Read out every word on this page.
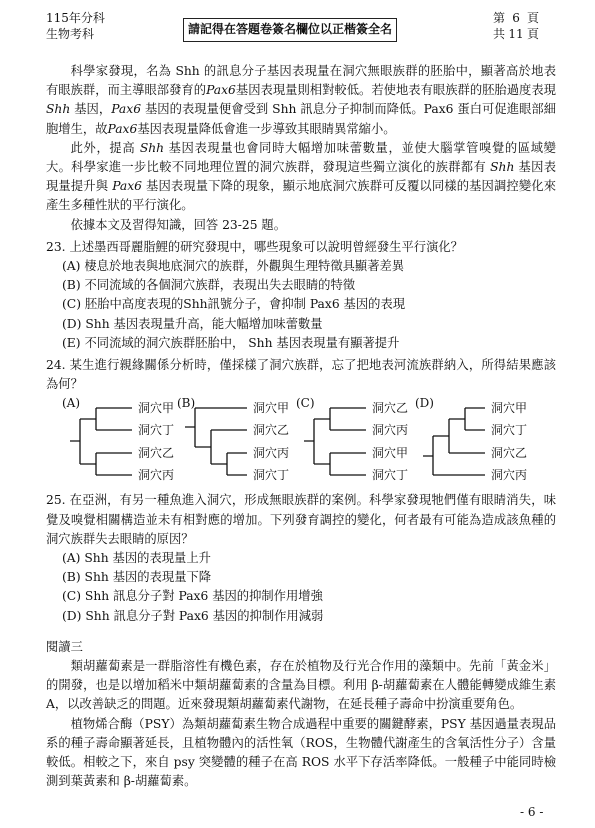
115年分科
生物考科	請記得在答題卷簽名欄位以正楷簽全名
第 6 頁
共 11 頁

科學家發現，名為 Shh 的訊息分子基因表現量在洞穴無眼族群的胚胎中，顯著高於地表有眼族群，而主導眼部發育的Pax6基因表現量則相對較低。若使地表有眼族群的胚胎過度表現 Shh 基因，Pax6 基因的表現量便會受到 Shh 訊息分子抑制而降低。Pax6 蛋白可促進眼部細胞增生，故Pax6基因表現量降低會進一步導致其眼睛異常縮小。

此外，提高 Shh 基因表現量也會同時大幅增加味蕾數量，並使大腦掌管嗅覺的區域變大。科學家進一步比較不同地理位置的洞穴族群，發現這些獨立演化的族群都有 Shh 基因表現量提升與 Pax6 基因表現量下降的現象，顯示地底洞穴族群可反覆以同樣的基因調控變化來產生多種性狀的平行演化。

依據本文及習得知識，回答 23-25 題。

23. 上述墨西哥麗脂鯉的研究發現中，哪些現象可以說明曾經發生平行演化？

(A) 棲息於地表與地底洞穴的族群，外觀與生理特徵具顯著差異
(B) 不同流域的各個洞穴族群，表現出失去眼睛的特徵
(C) 胚胎中高度表現的Shh訊號分子，會抑制 Pax6 基因的表現
(D) Shh 基因表現量升高，能大幅增加味蕾數量
(E) 不同流域的洞穴族群胚胎中， Shh 基因表現量有顯著提升

24. 某生進行親緣關係分析時，僅採樣了洞穴族群，忘了把地表河流族群納入，所得結果應該為何？

(A)	洞穴甲
洞穴丁
洞穴乙
洞穴丙
(B)	洞穴甲
洞穴乙
洞穴丙
洞穴丁
(C)	洞穴乙
洞穴丙
洞穴甲
洞穴丁
(D)	洞穴甲
洞穴丁
洞穴乙
洞穴丙

25. 在亞洲，有另一種魚進入洞穴，形成無眼族群的案例。科學家發現牠們僅有眼睛消失，味覺及嗅覺相關構造並未有相對應的增加。下列發育調控的變化，何者最有可能為造成該魚種的洞穴族群失去眼睛的原因？

(A) Shh 基因的表現量上升
(B) Shh 基因的表現量下降
(C) Shh 訊息分子對 Pax6 基因的抑制作用增強
(D) Shh 訊息分子對 Pax6 基因的抑制作用減弱
閱讀三

類胡蘿蔔素是一群脂溶性有機色素，存在於植物及行光合作用的藻類中。先前「黃金米」的開發，也是以增加稻米中類胡蘿蔔素的含量為目標。利用 β-胡蘿蔔素在人體能轉變成維生素 A，以改善缺乏的問題。近來發現類胡蘿蔔素代謝物，在延長種子壽命中扮演重要角色。

植物烯合酶（PSY）為類胡蘿蔔素生物合成過程中重要的關鍵酵素，PSY 基因過量表現品系的種子壽命顯著延長，且植物體內的活性氧（ROS，生物體代謝產生的含氧活性分子）含量較低。相較之下，來自 psy 突變體的種子在高 ROS 水平下存活率降低。一般種子中能同時檢測到葉黃素和 β-胡蘿蔔素。

- 6 -
